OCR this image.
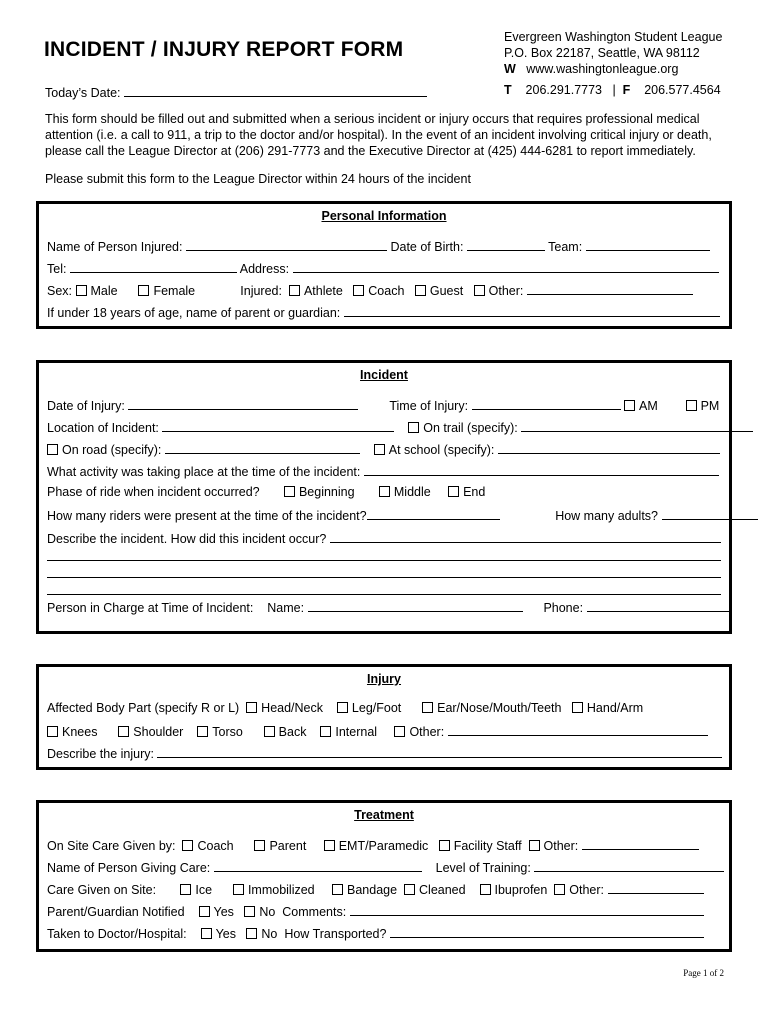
INCIDENT / INJURY REPORT FORM
Evergreen Washington Student League
P.O. Box 22187, Seattle, WA 98112
W www.washingtonleague.org
T 206.291.7773 | F 206.577.4564
Today’s Date:
This form should be filled out and submitted when a serious incident or injury occurs that requires professional medical attention (i.e. a call to 911, a trip to the doctor and/or hospital). In the event of an incident involving critical injury or death, please call the League Director at (206) 291-7773 and the Executive Director at (425) 444-6281 to report immediately.
Please submit this form to the League Director within 24 hours of the incident
Personal Information
Name of Person Injured:	Date of Birth:	Team:
Tel:	Address:
Sex: Male	Female	Injured: Athlete Coach Guest Other:
If under 18 years of age, name of parent or guardian:
Incident
Date of Injury:	Time of Injury:	AM	PM
Location of Incident:	On trail (specify):
On road (specify):	At school (specify):
What activity was taking place at the time of the incident:
Phase of ride when incident occurred?	Beginning	Middle	End
How many riders were present at the time of the incident?	How many adults?
Describe the incident. How did this incident occur?
Person in Charge at Time of Incident: Name:	Phone:
Injury
Affected Body Part (specify R or L) Head/Neck Leg/Foot	Ear/Nose/Mouth/Teeth Hand/Arm
Knees	Shoulder Torso	Back Internal	Other:
Describe the injury:
Treatment
On Site Care Given by: Coach	Parent	EMT/Paramedic Facility Staff Other:
Name of Person Giving Care:	Level of Training:
Care Given on Site:	Ice	Immobilized	Bandage Cleaned Ibuprofen Other:
Parent/Guardian Notified Yes No Comments:
Taken to Doctor/Hospital: Yes No How Transported?
Page 1 of 2
